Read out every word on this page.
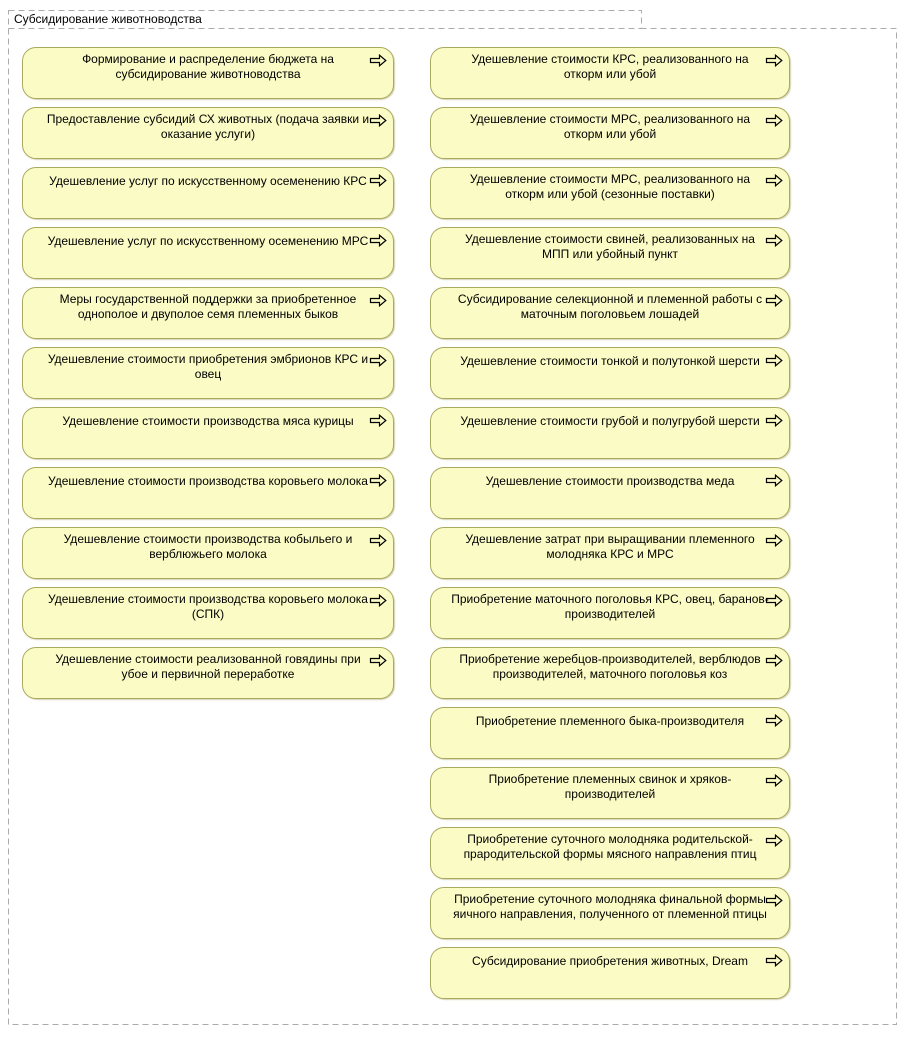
Субсидирование животноводства
Формирование и распределение бюджета на субсидирование животноводства
Предоставление субсидий СХ животных (подача заявки и оказание услуги)
Удешевление услуг по искусственному осеменению КРС
Удешевление услуг по искусственному осеменению МРС
Меры государственной поддержки за приобретенное однополое и двуполое семя племенных быков
Удешевление стоимости приобретения эмбрионов КРС и овец
Удешевление стоимости производства мяса курицы
Удешевление стоимости производства коровьего молока
Удешевление стоимости производства кобыльего и верблюжьего молока
Удешевление стоимости производства коровьего молока (СПК)
Удешевление стоимости реализованной говядины при убое и первичной переработке
Удешевление стоимости КРС, реализованного на откорм или убой
Удешевление стоимости МРС, реализованного на откорм или убой
Удешевление стоимости МРС, реализованного на откорм или убой (сезонные поставки)
Удешевление стоимости свиней, реализованных на МПП или убойный пункт
Субсидирование селекционной и племенной работы с маточным поголовьем лошадей
Удешевление стоимости тонкой и полутонкой шерсти
Удешевление стоимости грубой и полугрубой шерсти
Удешевление стоимости производства меда
Удешевление затрат при выращивании племенного молодняка КРС и МРС
Приобретение маточного поголовья КРС, овец, баранов-производителей
Приобретение жеребцов-производителей, верблюдов производителей, маточного поголовья коз
Приобретение племенного быка-производителя
Приобретение племенных свинок и хряков-производителей
Приобретение суточного молодняка родительской-прародительской формы мясного направления птиц
Приобретение суточного молодняка финальной формы яичного направления, полученного от племенной птицы
Субсидирование приобретения животных, Dream
